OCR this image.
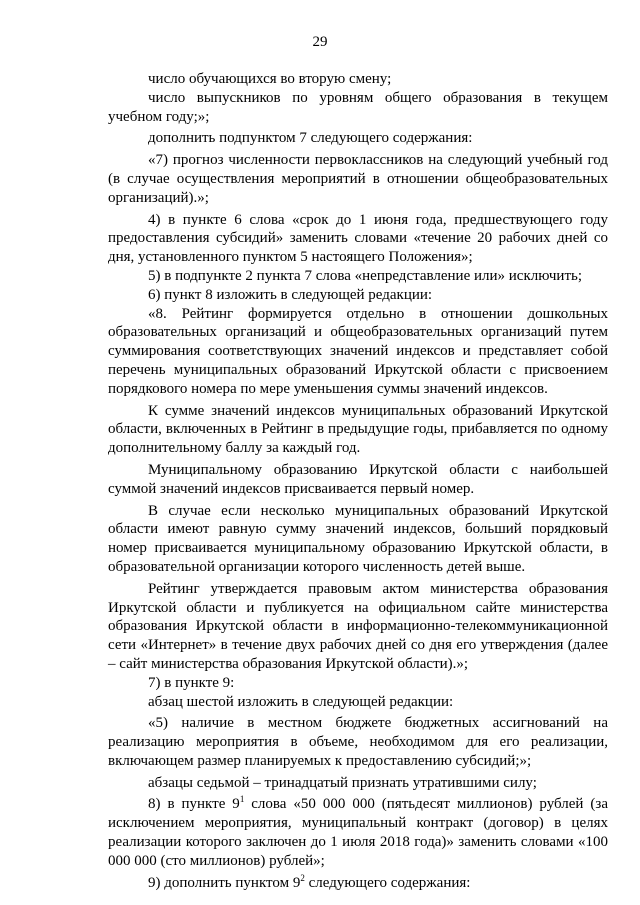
29

число обучающихся во вторую смену;

число выпускников по уровням общего образования в текущем учебном году;»;

дополнить подпунктом 7 следующего содержания:

«7) прогноз численности первоклассников на следующий учебный год (в случае осуществления мероприятий в отношении общеобразовательных организаций).»;

4) в пункте 6 слова «срок до 1 июня года, предшествующего году предоставления субсидий» заменить словами «течение 20 рабочих дней со дня, установленного пунктом 5 настоящего Положения»;

5) в подпункте 2 пункта 7 слова «непредставление или» исключить;

6) пункт 8 изложить в следующей редакции:

«8. Рейтинг формируется отдельно в отношении дошкольных образовательных организаций и общеобразовательных организаций путем суммирования соответствующих значений индексов и представляет собой перечень муниципальных образований Иркутской области с присвоением порядкового номера по мере уменьшения суммы значений индексов.

К сумме значений индексов муниципальных образований Иркутской области, включенных в Рейтинг в предыдущие годы, прибавляется по одному дополнительному баллу за каждый год.

Муниципальному образованию Иркутской области с наибольшей суммой значений индексов присваивается первый номер.

В случае если несколько муниципальных образований Иркутской области имеют равную сумму значений индексов, больший порядковый номер присваивается муниципальному образованию Иркутской области, в образовательной организации которого численность детей выше.

Рейтинг утверждается правовым актом министерства образования Иркутской области и публикуется на официальном сайте министерства образования Иркутской области в информационно-телекоммуникационной сети «Интернет» в течение двух рабочих дней со дня его утверждения (далее – сайт министерства образования Иркутской области).»;

7) в пункте 9:

абзац шестой изложить в следующей редакции:

«5) наличие в местном бюджете бюджетных ассигнований на реализацию мероприятия в объеме, необходимом для его реализации, включающем размер планируемых к предоставлению субсидий;»;

абзацы седьмой – тринадцатый признать утратившими силу;

8) в пункте $9^1$ слова «50 000 000 (пятьдесят миллионов) рублей (за исключением мероприятия, муниципальный контракт (договор) в целях реализации которого заключен до 1 июля 2018 года)» заменить словами «100 000 000 (сто миллионов) рублей»;

9) дополнить пунктом $9^2$ следующего содержания:
